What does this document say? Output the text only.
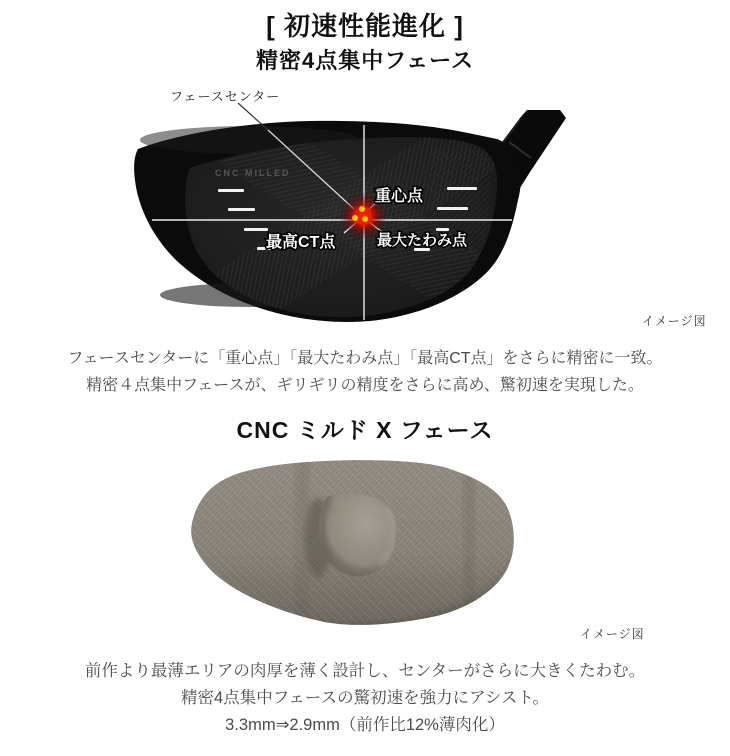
[ 初速性能進化 ]
精密4点集中フェース
フェースセンター
CNC MILLED
重心点
最高CT点	最大たわみ点
イメージ図
フェースセンターに「重心点」「最大たわみ点」「最高CT点」をさらに精密に一致。
精密４点集中フェースが、ギリギリの精度をさらに高め、驚初速を実現した。
CNC ミルド X フェース
イメージ図
前作より最薄エリアの肉厚を薄く設計し、センターがさらに大きくたわむ。
精密4点集中フェースの驚初速を強力にアシスト。
3.3mm⇒2.9mm（前作比12%薄肉化）
